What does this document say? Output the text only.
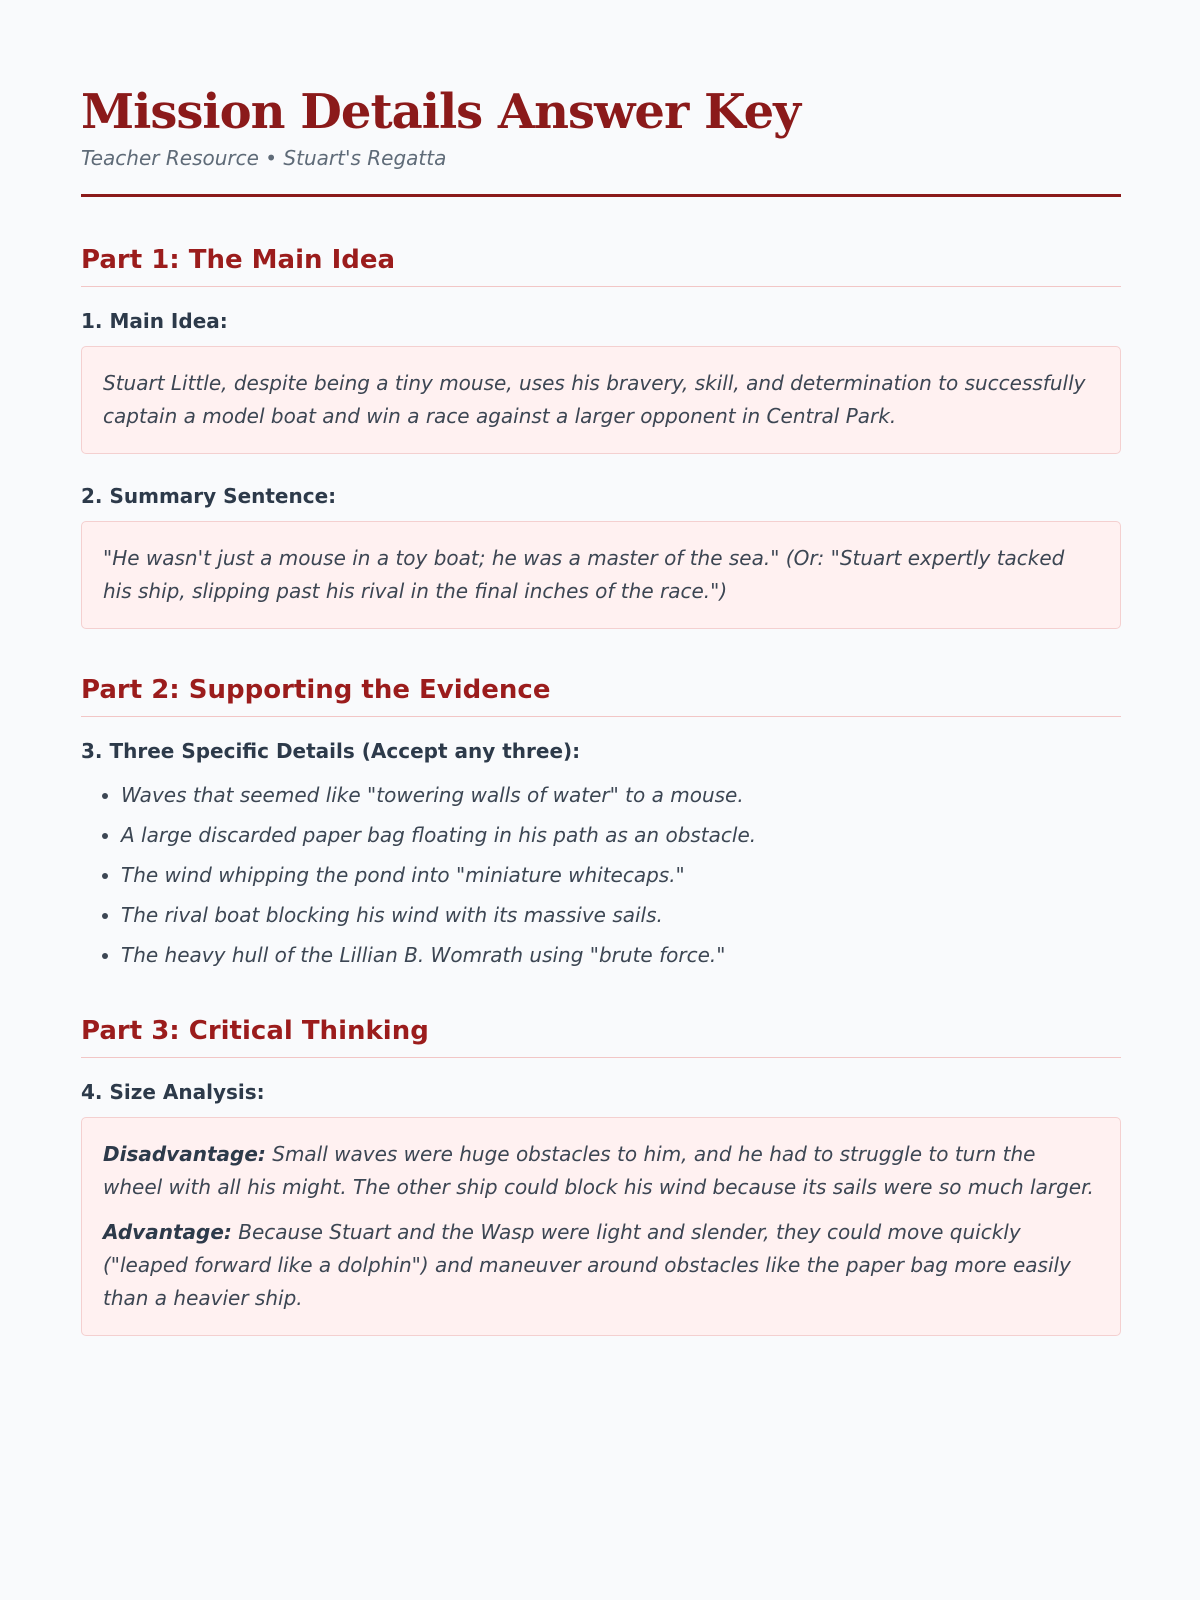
Mission Details Answer Key

Teacher Resource • Stuart's Regatta

Part 1: The Main Idea
1. Main Idea:

Stuart Little, despite being a tiny mouse, uses his bravery, skill, and determination to successfully captain a model boat and win a race against a larger opponent in Central Park.

2. Summary Sentence:

"He wasn't just a mouse in a toy boat; he was a master of the sea." (Or: "Stuart expertly tacked his ship, slipping past his rival in the final inches of the race.")

Part 2: Supporting the Evidence
3. Three Specific Details (Accept any three):
• Waves that seemed like "towering walls of water" to a mouse.
• A large discarded paper bag floating in his path as an obstacle.
• The wind whipping the pond into "miniature whitecaps."
• The rival boat blocking his wind with its massive sails.
• The heavy hull of the Lillian B. Womrath using "brute force."
Part 3: Critical Thinking
4. Size Analysis:

Disadvantage: Small waves were huge obstacles to him, and he had to struggle to turn the wheel with all his might. The other ship could block his wind because its sails were so much larger.

Advantage: Because Stuart and the Wasp were light and slender, they could move quickly ("leaped forward like a dolphin") and maneuver around obstacles like the paper bag more easily than a heavier ship.
